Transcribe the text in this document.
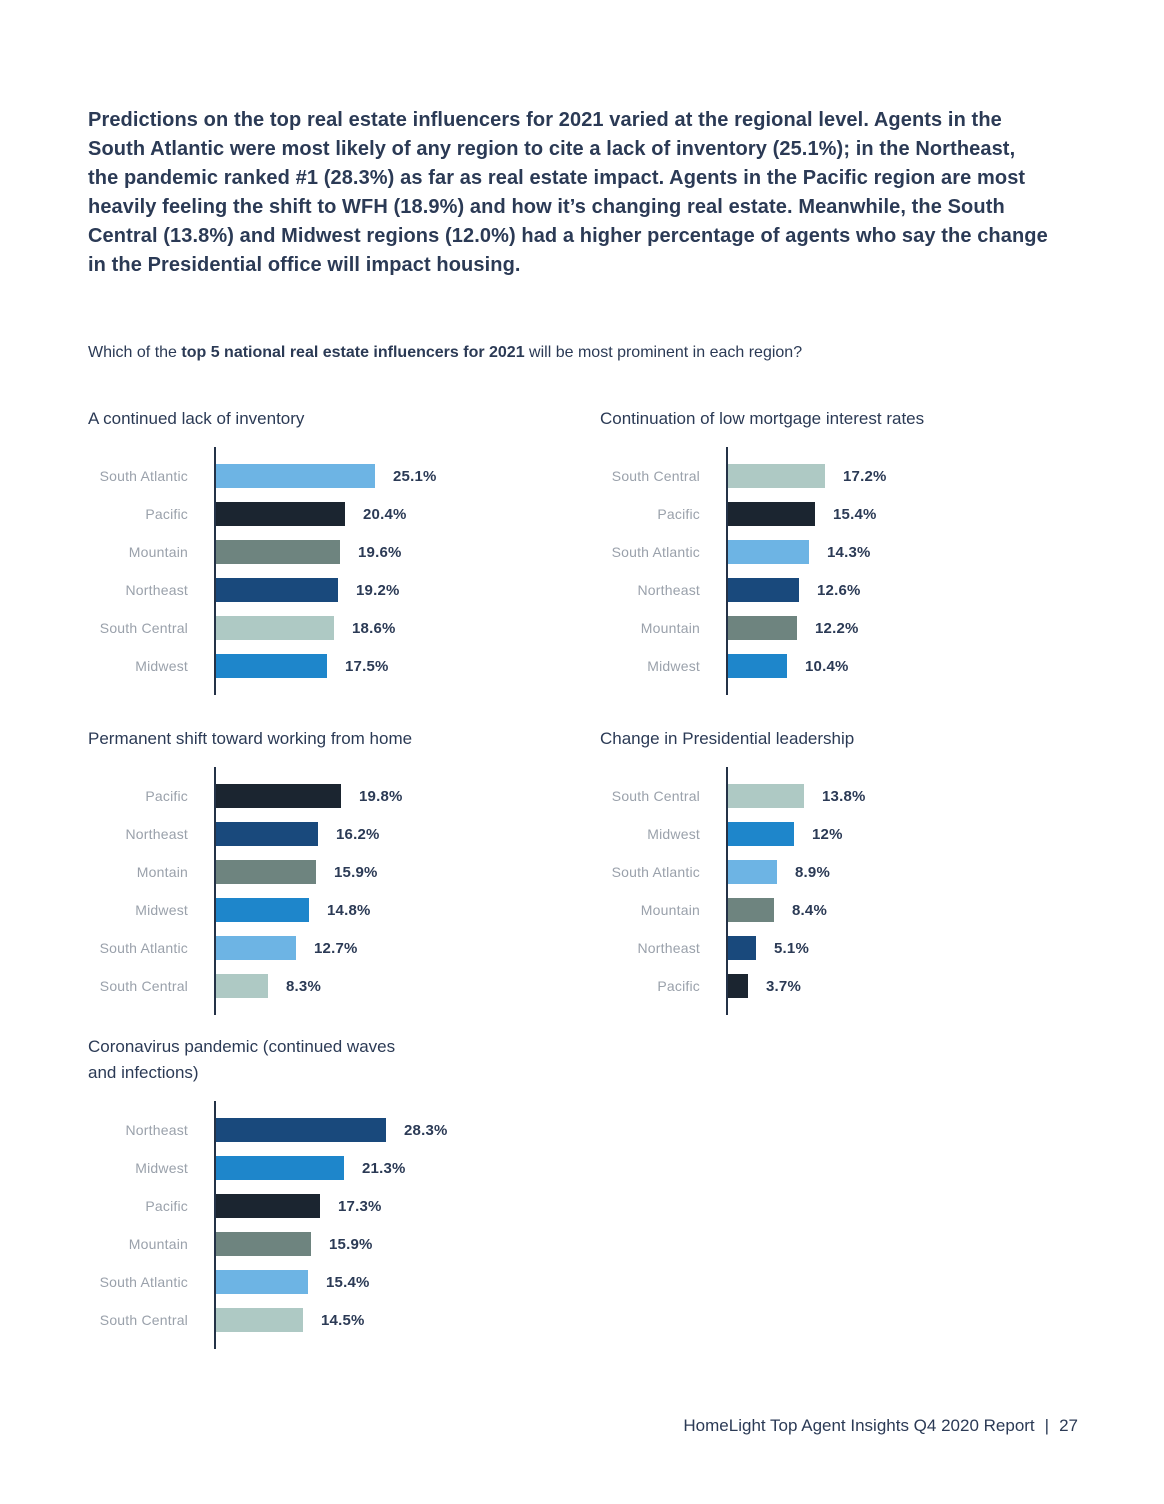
Predictions on the top real estate influencers for 2021 varied at the regional level. Agents in the South Atlantic were most likely of any region to cite a lack of inventory (25.1%); in the Northeast, the pandemic ranked #1 (28.3%) as far as real estate impact. Agents in the Pacific region are most heavily feeling the shift to WFH (18.9%) and how it’s changing real estate. Meanwhile, the South Central (13.8%) and Midwest regions (12.0%) had a higher percentage of agents who say the change in the Presidential office will impact housing.

Which of the top 5 national real estate influencers for 2021 will be most prominent in each region?

A continued lack of inventory
South Atlantic	25.1%
Pacific	20.4%
Mountain	19.6%
Northeast	19.2%
South Central	18.6%
Midwest	17.5%
Continuation of low mortgage interest rates
South Central	17.2%
Pacific	15.4%
South Atlantic	14.3%
Northeast	12.6%
Mountain	12.2%
Midwest	10.4%
Permanent shift toward working from home
Pacific	19.8%
Northeast	16.2%
Montain	15.9%
Midwest	14.8%
South Atlantic	12.7%
South Central	8.3%
Change in Presidential leadership
South Central	13.8%
Midwest	12%
South Atlantic	8.9%
Mountain	8.4%
Northeast	5.1%
Pacific	3.7%
Coronavirus pandemic (continued waves and infections)
Northeast	28.3%
Midwest	21.3%
Pacific	17.3%
Mountain	15.9%
South Atlantic	15.4%
South Central	14.5%
HomeLight Top Agent Insights Q4 2020 Report | 27
